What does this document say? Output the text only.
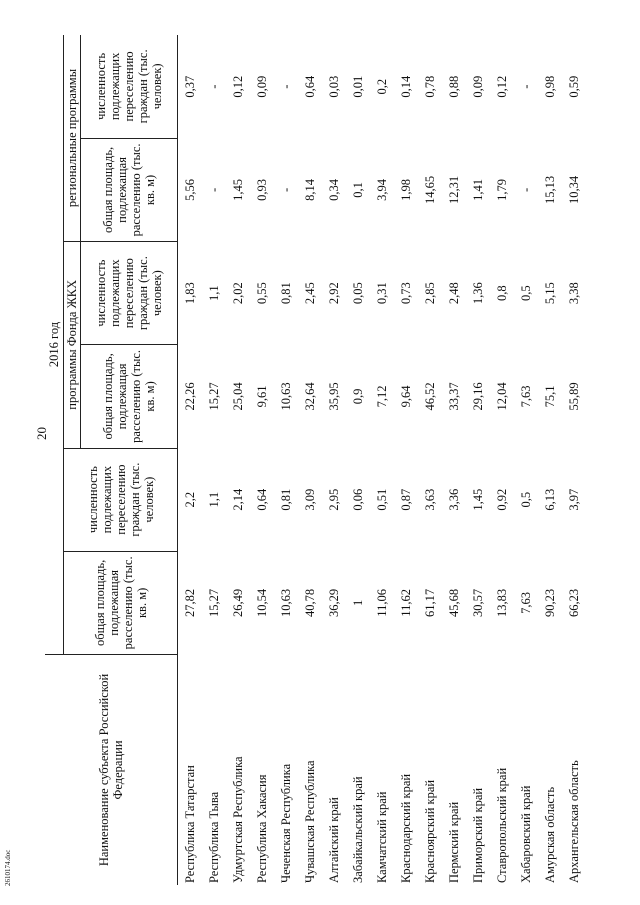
20
2610174.doc
Наименование субъекта Российской Федерации	2016 год					
	общая площадь, подлежащая расселению (тыс. кв. м)	численность подлежащих переселению граждан (тыс. человек)	программы Фонда ЖКХ		региональные программы	
			общая площадь, подлежащая расселению (тыс. кв. м)	численность подлежащих переселению граждан (тыс. человек)	общая площадь, подлежащая расселению (тыс. кв. м)	численность подлежащих переселению граждан (тыс. человек)
Республика Татарстан	27,82	2,2	22,26	1,83	5,56	0,37
Республика Тыва	15,27	1,1	15,27	1,1	-	-
Удмуртская Республика	26,49	2,14	25,04	2,02	1,45	0,12
Республика Хакасия	10,54	0,64	9,61	0,55	0,93	0,09
Чеченская Республика	10,63	0,81	10,63	0,81	-	-
Чувашская Республика	40,78	3,09	32,64	2,45	8,14	0,64
Алтайский край	36,29	2,95	35,95	2,92	0,34	0,03
Забайкальский край	1	0,06	0,9	0,05	0,1	0,01
Камчатский край	11,06	0,51	7,12	0,31	3,94	0,2
Краснодарский край	11,62	0,87	9,64	0,73	1,98	0,14
Красноярский край	61,17	3,63	46,52	2,85	14,65	0,78
Пермский край	45,68	3,36	33,37	2,48	12,31	0,88
Приморский край	30,57	1,45	29,16	1,36	1,41	0,09
Ставропольский край	13,83	0,92	12,04	0,8	1,79	0,12
Хабаровский край	7,63	0,5	7,63	0,5	-	-
Амурская область	90,23	6,13	75,1	5,15	15,13	0,98
Архангельская область	66,23	3,97	55,89	3,38	10,34	0,59
